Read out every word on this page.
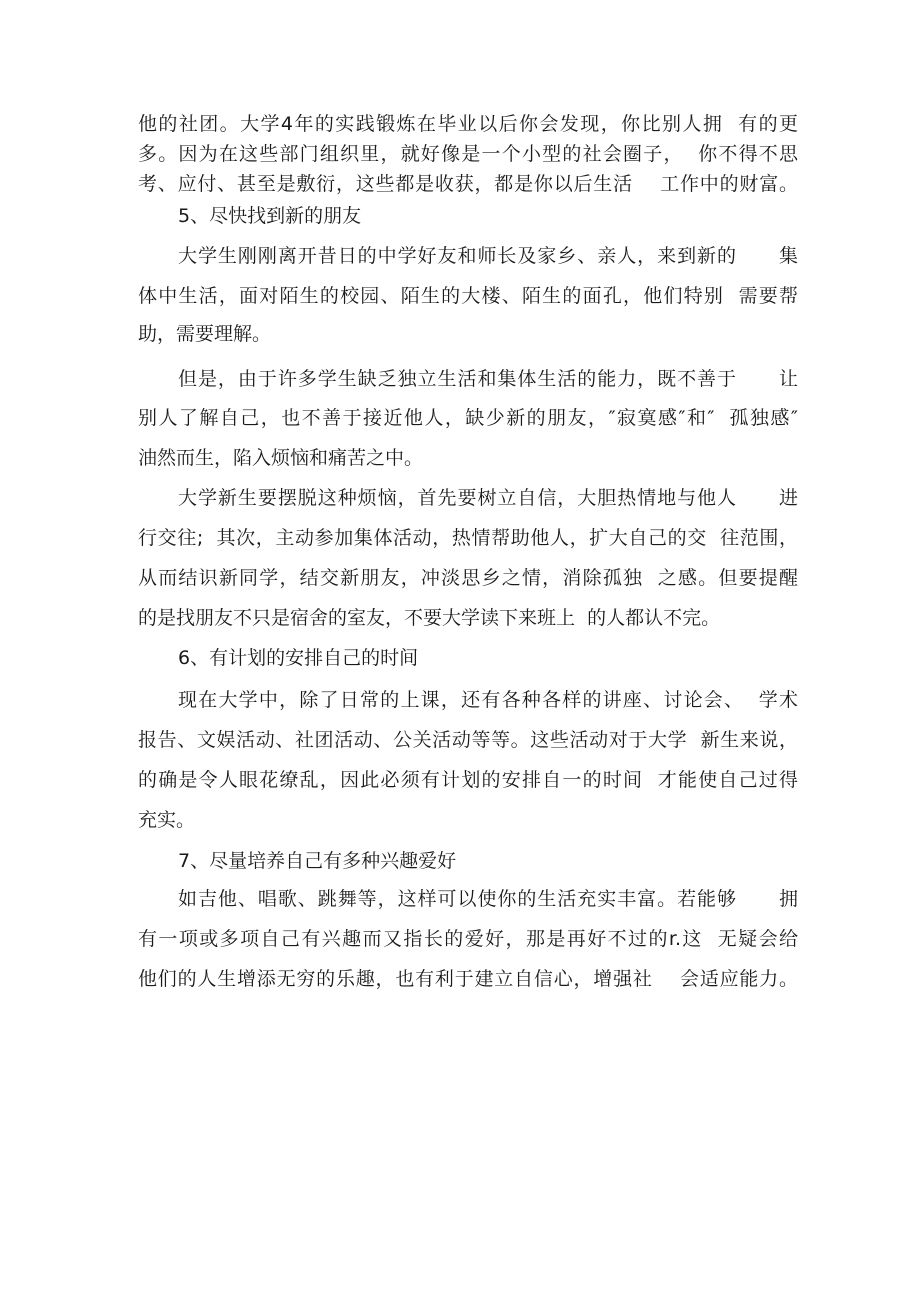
他的社团。大学4年的实践锻炼在毕业以后你会发现，你比别人拥  有的更
多。因为在这些部门组织里，就好像是一个小型的社会圈子，  你不得不思
考、应付、甚至是敷衍，这些都是收获，都是你以后生活    工作中的财富。
5、尽快找到新的朋友
大学生刚刚离开昔日的中学好友和师长及家乡、亲人，来到新的      集
体中生活，面对陌生的校园、陌生的大楼、陌生的面孔，他们特别  需要帮
助，需要理解。
但是，由于许多学生缺乏独立生活和集体生活的能力，既不善于      让
别人了解自己，也不善于接近他人，缺少新的朋友，″寂寞感″和″  孤独感″
油然而生，陷入烦恼和痛苦之中。
大学新生要摆脱这种烦恼，首先要树立自信，大胆热情地与他人      进
行交往;  其次，主动参加集体活动，热情帮助他人，扩大自己的交  往范围，
从而结识新同学，结交新朋友，冲淡思乡之情，消除孤独  之感。但要提醒
的是找朋友不只是宿舍的室友，不要大学读下来班上  的人都认不完。
6、有计划的安排自己的时间
现在大学中，除了日常的上课，还有各种各样的讲座、讨论会、  学术
报告、文娱活动、社团活动、公关活动等等。这些活动对于大学  新生来说，
的确是令人眼花缭乱，因此必须有计划的安排自一的时间  才能使自己过得
充实。
7、尽量培养自己有多种兴趣爱好
如吉他、唱歌、跳舞等，这样可以使你的生活充实丰富。若能够      拥
有一项或多项自己有兴趣而又指长的爱好，那是再好不过的r.这  无疑会给
他们的人生增添无穷的乐趣，也有利于建立自信心，增强社    会适应能力。
